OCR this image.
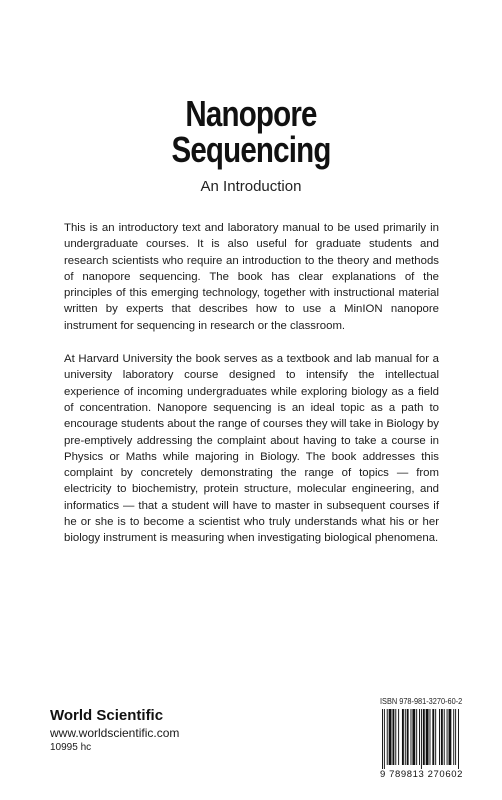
Nanopore
Sequencing
An Introduction

This is an introductory text and laboratory manual to be used primarily in undergraduate courses. It is also useful for graduate students and research scientists who require an introduction to the theory and methods of nanopore sequencing. The book has clear explanations of the principles of this emerging technology, together with instructional material written by experts that describes how to use a MinION nanopore instrument for sequencing in research or the classroom.

At Harvard University the book serves as a textbook and lab manual for a university laboratory course designed to intensify the intellectual experience of incoming undergraduates while exploring biology as a field of concentration. Nanopore sequencing is an ideal topic as a path to encourage students about the range of courses they will take in Biology by pre-emptively addressing the complaint about having to take a course in Physics or Maths while majoring in Biology. The book addresses this complaint by concretely demonstrating the range of topics — from electricity to biochemistry, protein structure, molecular engineering, and informatics — that a student will have to master in subsequent courses if he or she is to become a scientist who truly understands what his or her biology instrument is measuring when investigating biological phenomena.

World Scientific
www.worldscientific.com
10995 hc
ISBN 978-981-3270-60-2
9 789813 270602
